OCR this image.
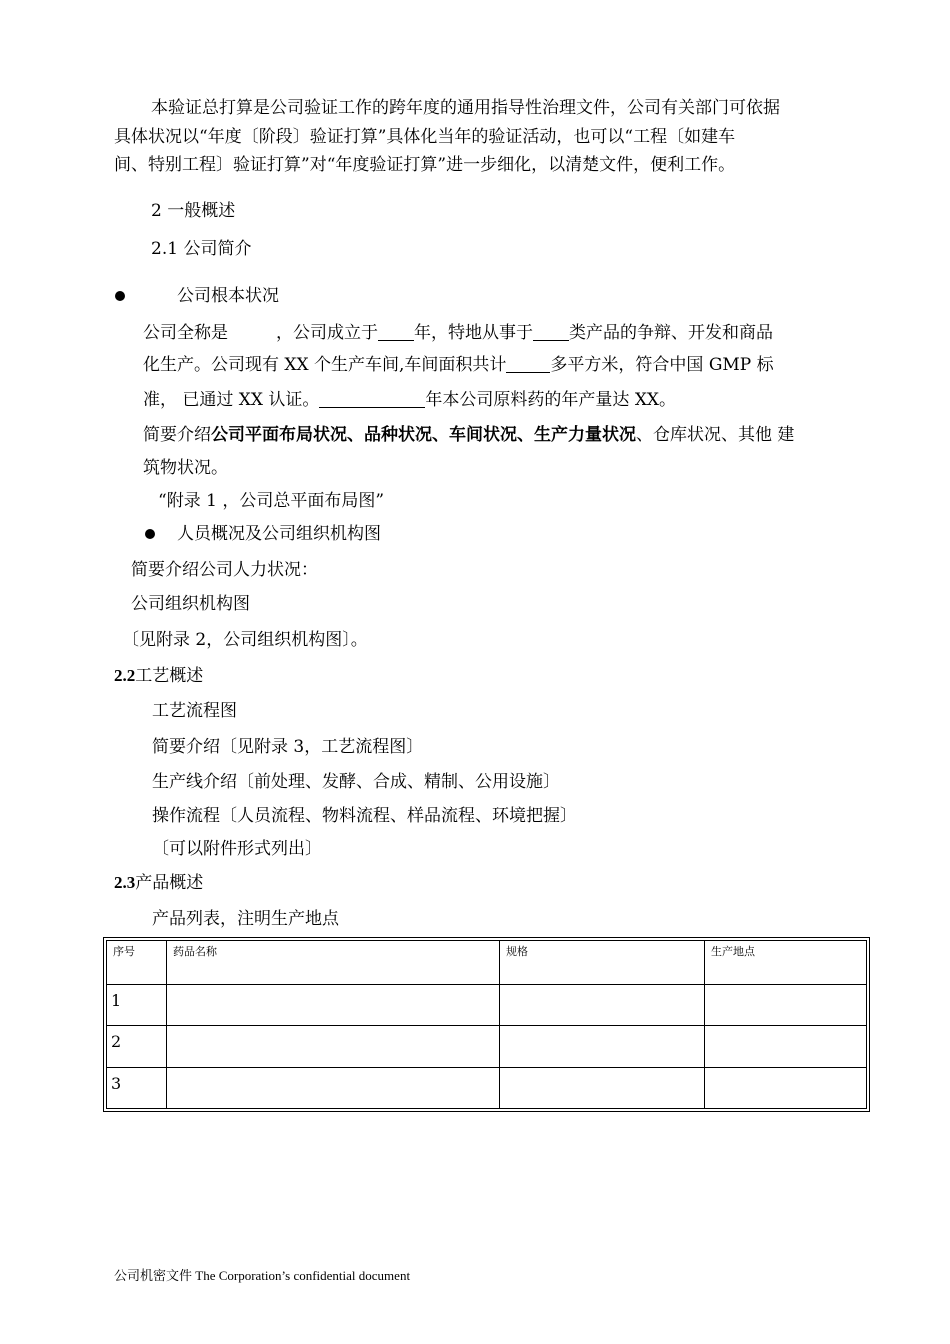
本验证总打算是公司验证工作的跨年度的通用指导性治理文件，公司有关部门可依据
具体状况以“年度〔阶段〕验证打算”具体化当年的验证活动，也可以“工程〔如建车
间、特别工程〕验证打算”对“年度验证打算”进一步细化，以清楚文件，便利工作。
2 一般概述
2.1 公司简介
公司根本状况
公司全称是	，公司成立于 年，特地从事于 类产品的争辩、开发和商品
化生产。公司现有 XX 个生产车间,车间面积共计	多平方米，符合中国 GMP 标
准， 已通过 XX 认证。	年本公司原料药的年产量达 XX。
简要介绍公司平面布局状况、品种状况、车间状况、生产力量状况、仓库状况、其他 建
筑物状况。
“附录 1 ，公司总平面布局图”
人员概况及公司组织机构图
简要介绍公司人力状况：
公司组织机构图
〔见附录 2，公司组织机构图〕。
2.2工艺概述
工艺流程图
简要介绍〔见附录 3，工艺流程图〕
生产线介绍〔前处理、发酵、合成、精制、公用设施〕
操作流程〔人员流程、物料流程、样品流程、环境把握〕
〔可以附件形式列出〕
2.3产品概述
产品列表，注明生产地点
序号	药品名称	规格	生产地点
1			
2			
3			
公司机密文件 The Corporation’s confidential document
